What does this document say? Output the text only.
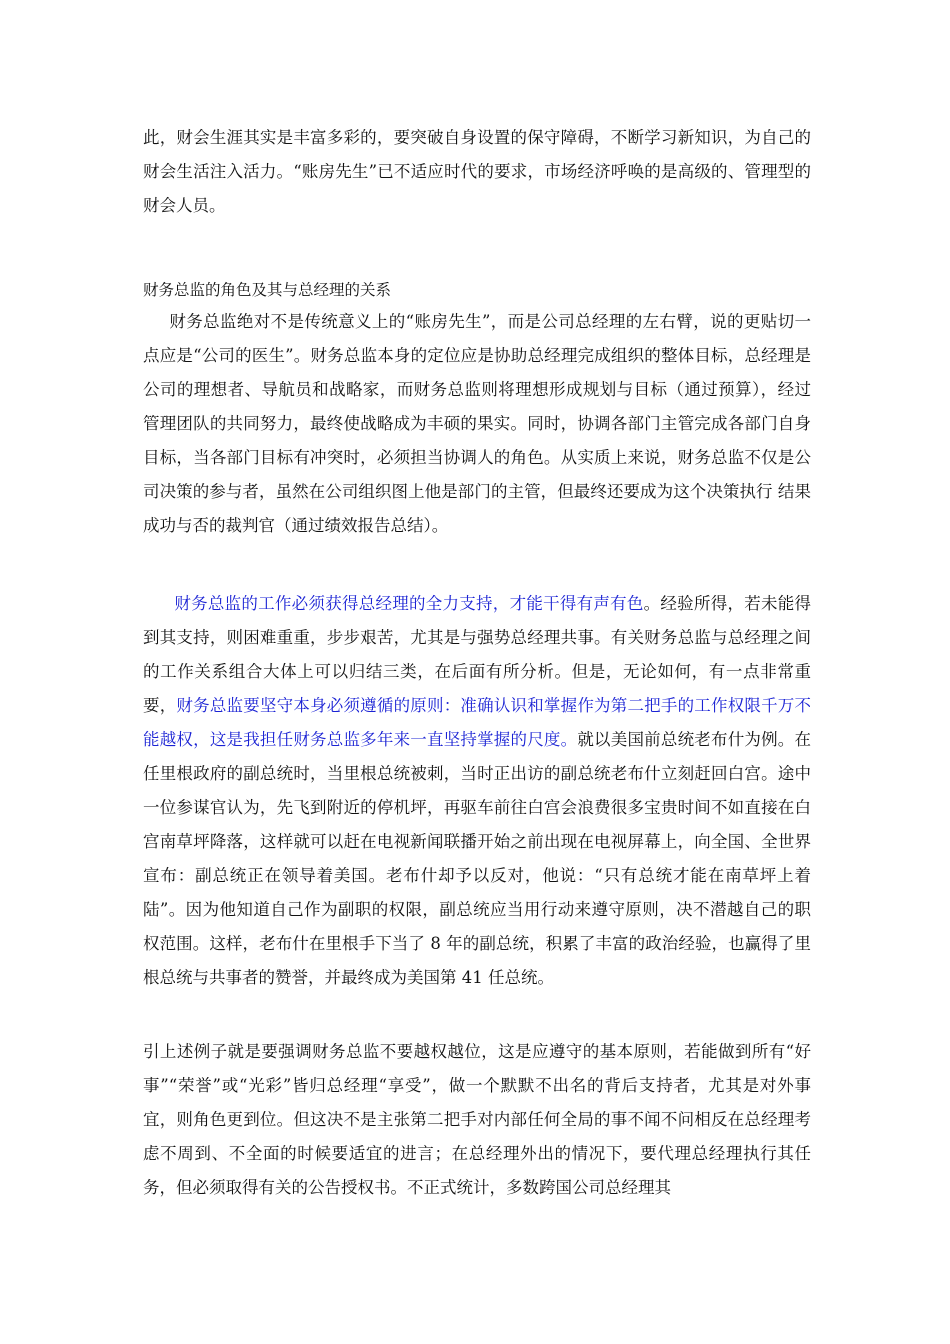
此，财会生涯其实是丰富多彩的，要突破自身设置的保守障碍，不断学习新知识，为自己的财会生活注入活力。“账房先生”已不适应时代的要求，市场经济呼唤的是高级的、管理型的财会人员。
财务总监的角色及其与总经理的关系
财务总监绝对不是传统意义上的“账房先生”，而是公司总经理的左右臂，说的更贴切一点应是“公司的医生”。财务总监本身的定位应是协助总经理完成组织的整体目标，总经理是公司的理想者、导航员和战略家，而财务总监则将理想形成规划与目标（通过预算），经过管理团队的共同努力，最终使战略成为丰硕的果实。同时，协调各部门主管完成各部门自身目标，当各部门目标有冲突时，必须担当协调人的角色。从实质上来说，财务总监不仅是公司决策的参与者，虽然在公司组织图上他是部门的主管，但最终还要成为这个决策执行 结果成功与否的裁判官（通过绩效报告总结）。
财务总监的工作必须获得总经理的全力支持，才能干得有声有色。经验所得，若未能得到其支持，则困难重重，步步艰苦，尤其是与强势总经理共事。有关财务总监与总经理之间的工作关系组合大体上可以归结三类，在后面有所分析。但是，无论如何，有一点非常重要，财务总监要坚守本身必须遵循的原则：准确认识和掌握作为第二把手的工作权限千万不能越权，这是我担任财务总监多年来一直坚持掌握的尺度。就以美国前总统老布什为例。在任里根政府的副总统时，当里根总统被刺，当时正出访的副总统老布什立刻赶回白宫。途中一位参谋官认为，先飞到附近的停机坪，再驱车前往白宫会浪费很多宝贵时间不如直接在白宫南草坪降落，这样就可以赶在电视新闻联播开始之前出现在电视屏幕上，向全国、全世界宣布：副总统正在领导着美国。老布什却予以反对，他说：“只有总统才能在南草坪上着陆”。因为他知道自己作为副职的权限，副总统应当用行动来遵守原则，决不潜越自己的职权范围。这样，老布什在里根手下当了 8 年的副总统，积累了丰富的政治经验，也赢得了里根总统与共事者的赞誉，并最终成为美国第 41 任总统。
引上述例子就是要强调财务总监不要越权越位，这是应遵守的基本原则，若能做到所有“好事”“荣誉”或“光彩”皆归总经理“享受”，做一个默默不出名的背后支持者，尤其是对外事宜，则角色更到位。但这决不是主张第二把手对内部任何全局的事不闻不问相反在总经理考虑不周到、不全面的时候要适宜的进言；在总经理外出的情况下，要代理总经理执行其任务，但必须取得有关的公告授权书。不正式统计，多数跨国公司总经理其
